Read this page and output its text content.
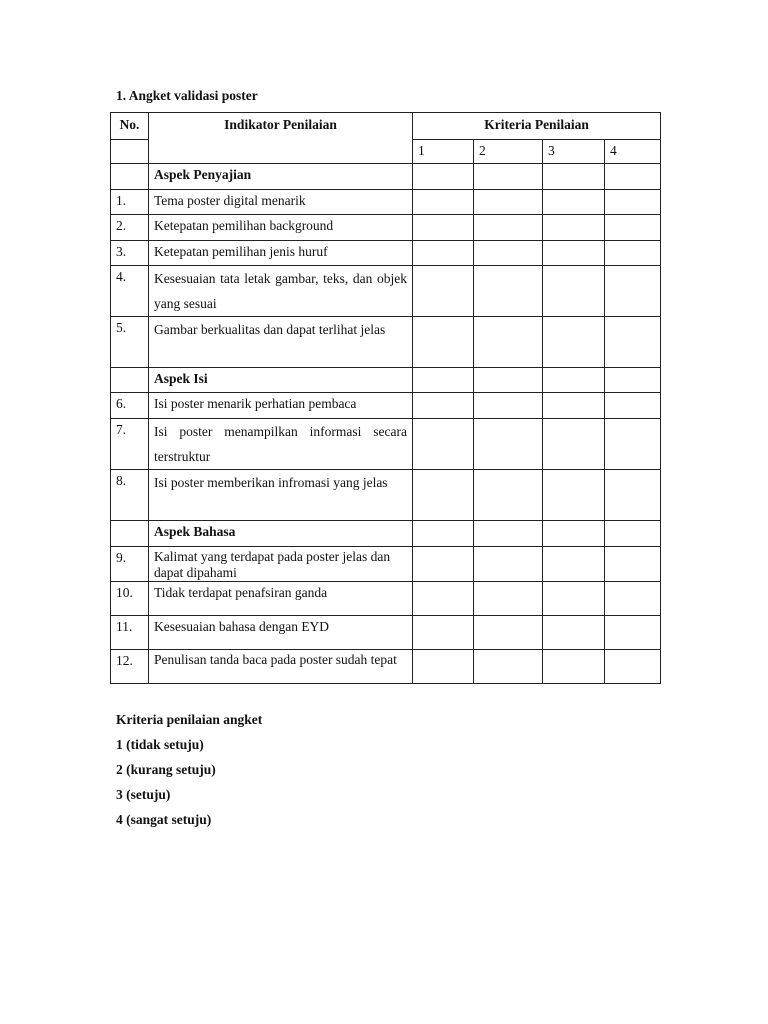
1. Angket validasi poster
No.	Indikator Penilaian	Kriteria Penilaian			
		1	2	3	4
	Aspek Penyajian				
1.	Tema poster digital menarik				
2.	Ketepatan pemilihan background				
3.	Ketepatan pemilihan jenis huruf				
4.	Kesesuaian tata letak gambar, teks, dan objek yang sesuai				
5.	Gambar berkualitas dan dapat terlihat jelas				
	Aspek Isi				
6.	Isi poster menarik perhatian pembaca				
7.	Isi poster menampilkan informasi secara terstruktur				
8.	Isi poster memberikan infromasi yang jelas				
	Aspek Bahasa				
9.	Kalimat yang terdapat pada poster jelas dan dapat dipahami				
10.	Tidak terdapat penafsiran ganda				
11.	Kesesuaian bahasa dengan EYD				
12.	Penulisan tanda baca pada poster sudah tepat				
Kriteria penilaian angket
1 (tidak setuju)
2 (kurang setuju)
3 (setuju)
4 (sangat setuju)
